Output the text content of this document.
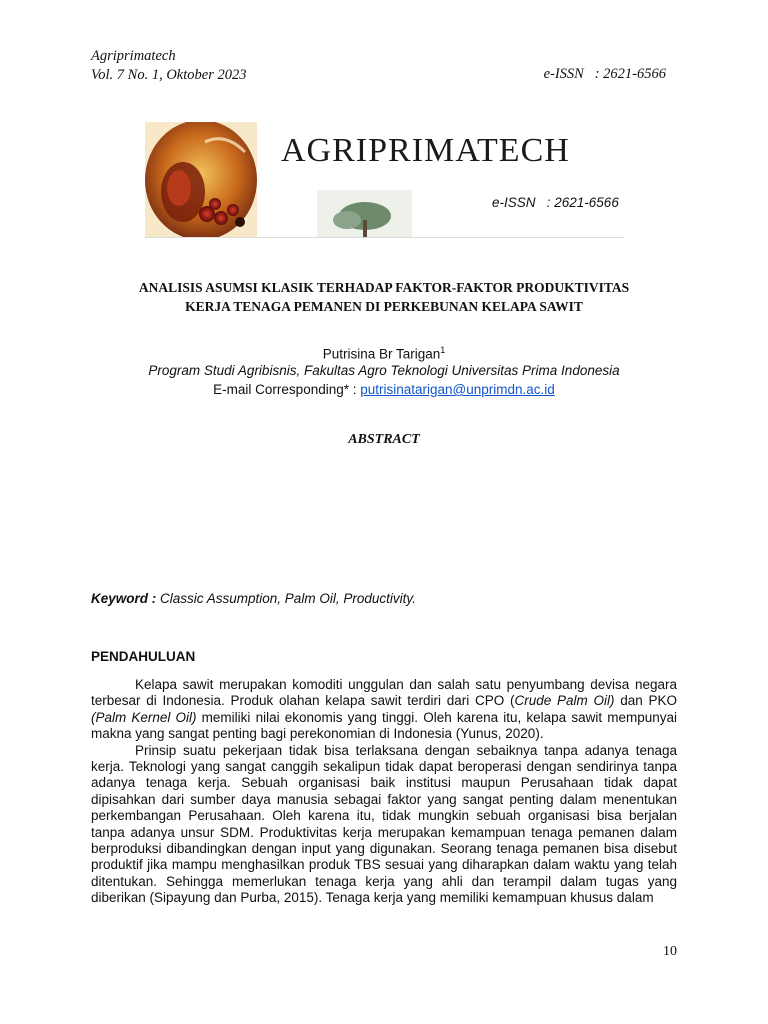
Agriprimatech
Vol. 7 No. 1, Oktober 2023	e-ISSN   : 2621-6566
AGRIPRIMATECH
e-ISSN   : 2621-6566
ANALISIS ASUMSI KLASIK TERHADAP FAKTOR-FAKTOR PRODUKTIVITAS
KERJA TENAGA PEMANEN DI PERKEBUNAN KELAPA SAWIT
Putrisina Br Tarigan$^1$
Program Studi Agribisnis, Fakultas Agro Teknologi Universitas Prima Indonesia
E-mail Corresponding* : putrisinatarigan@unprimdn.ac.id
ABSTRACT
Keyword : Classic Assumption, Palm Oil, Productivity.
PENDAHULUAN

Kelapa sawit merupakan komoditi unggulan dan salah satu penyumbang devisa negara terbesar di Indonesia. Produk olahan kelapa sawit terdiri dari CPO (Crude Palm Oil) dan PKO (Palm Kernel Oil) memiliki nilai ekonomis yang tinggi. Oleh karena itu, kelapa sawit mempunyai makna yang sangat penting bagi perekonomian di Indonesia (Yunus, 2020).

Prinsip suatu pekerjaan tidak bisa terlaksana dengan sebaiknya tanpa adanya tenaga kerja. Teknologi yang sangat canggih sekalipun tidak dapat beroperasi dengan sendirinya tanpa adanya tenaga kerja. Sebuah organisasi baik institusi maupun Perusahaan tidak dapat dipisahkan dari sumber daya manusia sebagai faktor yang sangat penting dalam menentukan perkembangan Perusahaan. Oleh karena itu, tidak mungkin sebuah organisasi bisa berjalan tanpa adanya unsur SDM. Produktivitas kerja merupakan kemampuan tenaga pemanen dalam berproduksi dibandingkan dengan input yang digunakan. Seorang tenaga pemanen bisa disebut produktif jika mampu menghasilkan produk TBS sesuai yang diharapkan dalam waktu yang telah ditentukan. Sehingga memerlukan tenaga kerja yang ahli dan terampil dalam tugas yang diberikan (Sipayung dan Purba, 2015). Tenaga kerja yang memiliki kemampuan khusus dalam

10
